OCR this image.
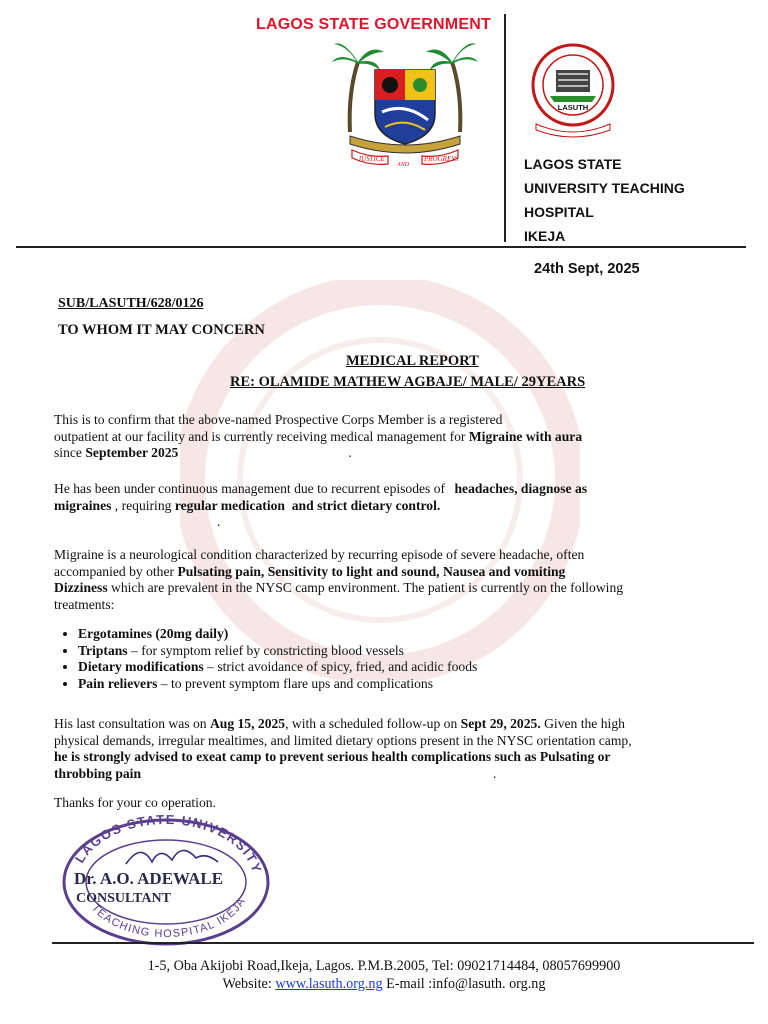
LAGOS STATE GOVERNMENT
JUSTICE
AND
PROGRESS
LASUTH
LAGOS STATE
UNIVERSITY TEACHING
HOSPITAL
IKEJA
24th Sept, 2025
SUB/LASUTH/628/0126
TO WHOM IT MAY CONCERN
MEDICAL REPORT
RE: OLAMIDE MATHEW AGBAJE/ MALE/ 29YEARS
This is to confirm that the above-named Prospective Corps Member is a registered
outpatient at our facility and is currently receiving medical management for Migraine with aura
since September 2025	.
He has been under continuous management due to recurrent episodes of headaches, diagnose as
migraines , requiring regular medication and strict dietary control.
.
Migraine is a neurological condition characterized by recurring episode of severe headache, often
accompanied by other Pulsating pain, Sensitivity to light and sound, Nausea and vomiting
Dizziness which are prevalent in the NYSC camp environment. The patient is currently on the following
treatments:
• Ergotamines (20mg daily)
• Triptans – for symptom relief by constricting blood vessels
• Dietary modifications – strict avoidance of spicy, fried, and acidic foods
• Pain relievers – to prevent symptom flare ups and complications
His last consultation was on Aug 15, 2025, with a scheduled follow-up on Sept 29, 2025. Given the high
physical demands, irregular mealtimes, and limited dietary options present in the NYSC orientation camp,
he is strongly advised to exeat camp to prevent serious health complications such as Pulsating or
throbbing pain	.
Thanks for your co operation.
LAGOS STATE UNIVERSITY
TEACHING HOSPITAL IKEJA
Dr. A.O. ADEWALE
CONSULTANT
1-5, Oba Akijobi Road,Ikeja, Lagos. P.M.B.2005, Tel: 09021714484, 08057699900
Website: www.lasuth.org.ng E-mail :info@lasuth. org.ng
